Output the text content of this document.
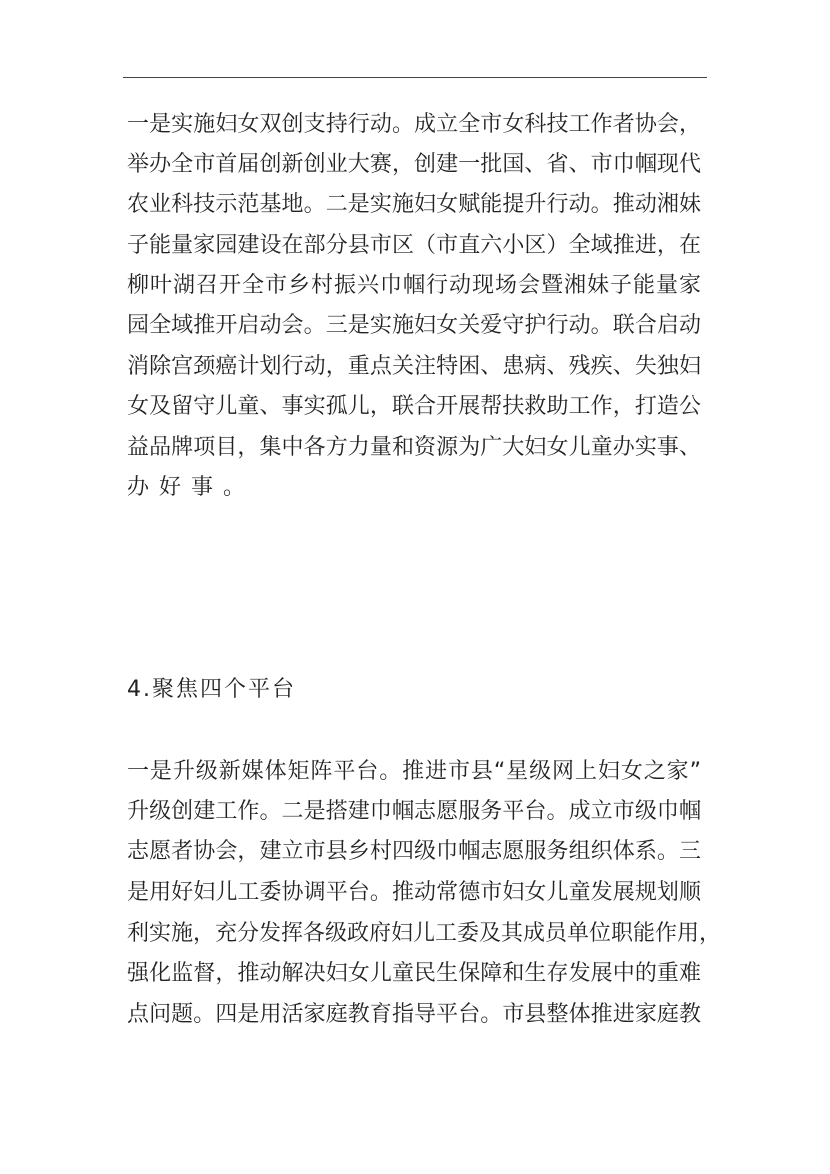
一是实施妇女双创支持行动。成立全市女科技工作者协会，
举办全市首届创新创业大赛，创建一批国、省、市巾帼现代
农业科技示范基地。二是实施妇女赋能提升行动。推动湘妹
子能量家园建设在部分县市区（市直六小区）全域推进，在
柳叶湖召开全市乡村振兴巾帼行动现场会暨湘妹子能量家
园全域推开启动会。三是实施妇女关爱守护行动。联合启动
消除宫颈癌计划行动，重点关注特困、患病、残疾、失独妇
女及留守儿童、事实孤儿，联合开展帮扶救助工作，打造公
益品牌项目，集中各方力量和资源为广大妇女儿童办实事、
办好事。
4.聚焦四个平台
一是升级新媒体矩阵平台。推进市县“星级网上妇女之家”
升级创建工作。二是搭建巾帼志愿服务平台。成立市级巾帼
志愿者协会，建立市县乡村四级巾帼志愿服务组织体系。三
是用好妇儿工委协调平台。推动常德市妇女儿童发展规划顺
利实施，充分发挥各级政府妇儿工委及其成员单位职能作用，
强化监督，推动解决妇女儿童民生保障和生存发展中的重难
点问题。四是用活家庭教育指导平台。市县整体推进家庭教
